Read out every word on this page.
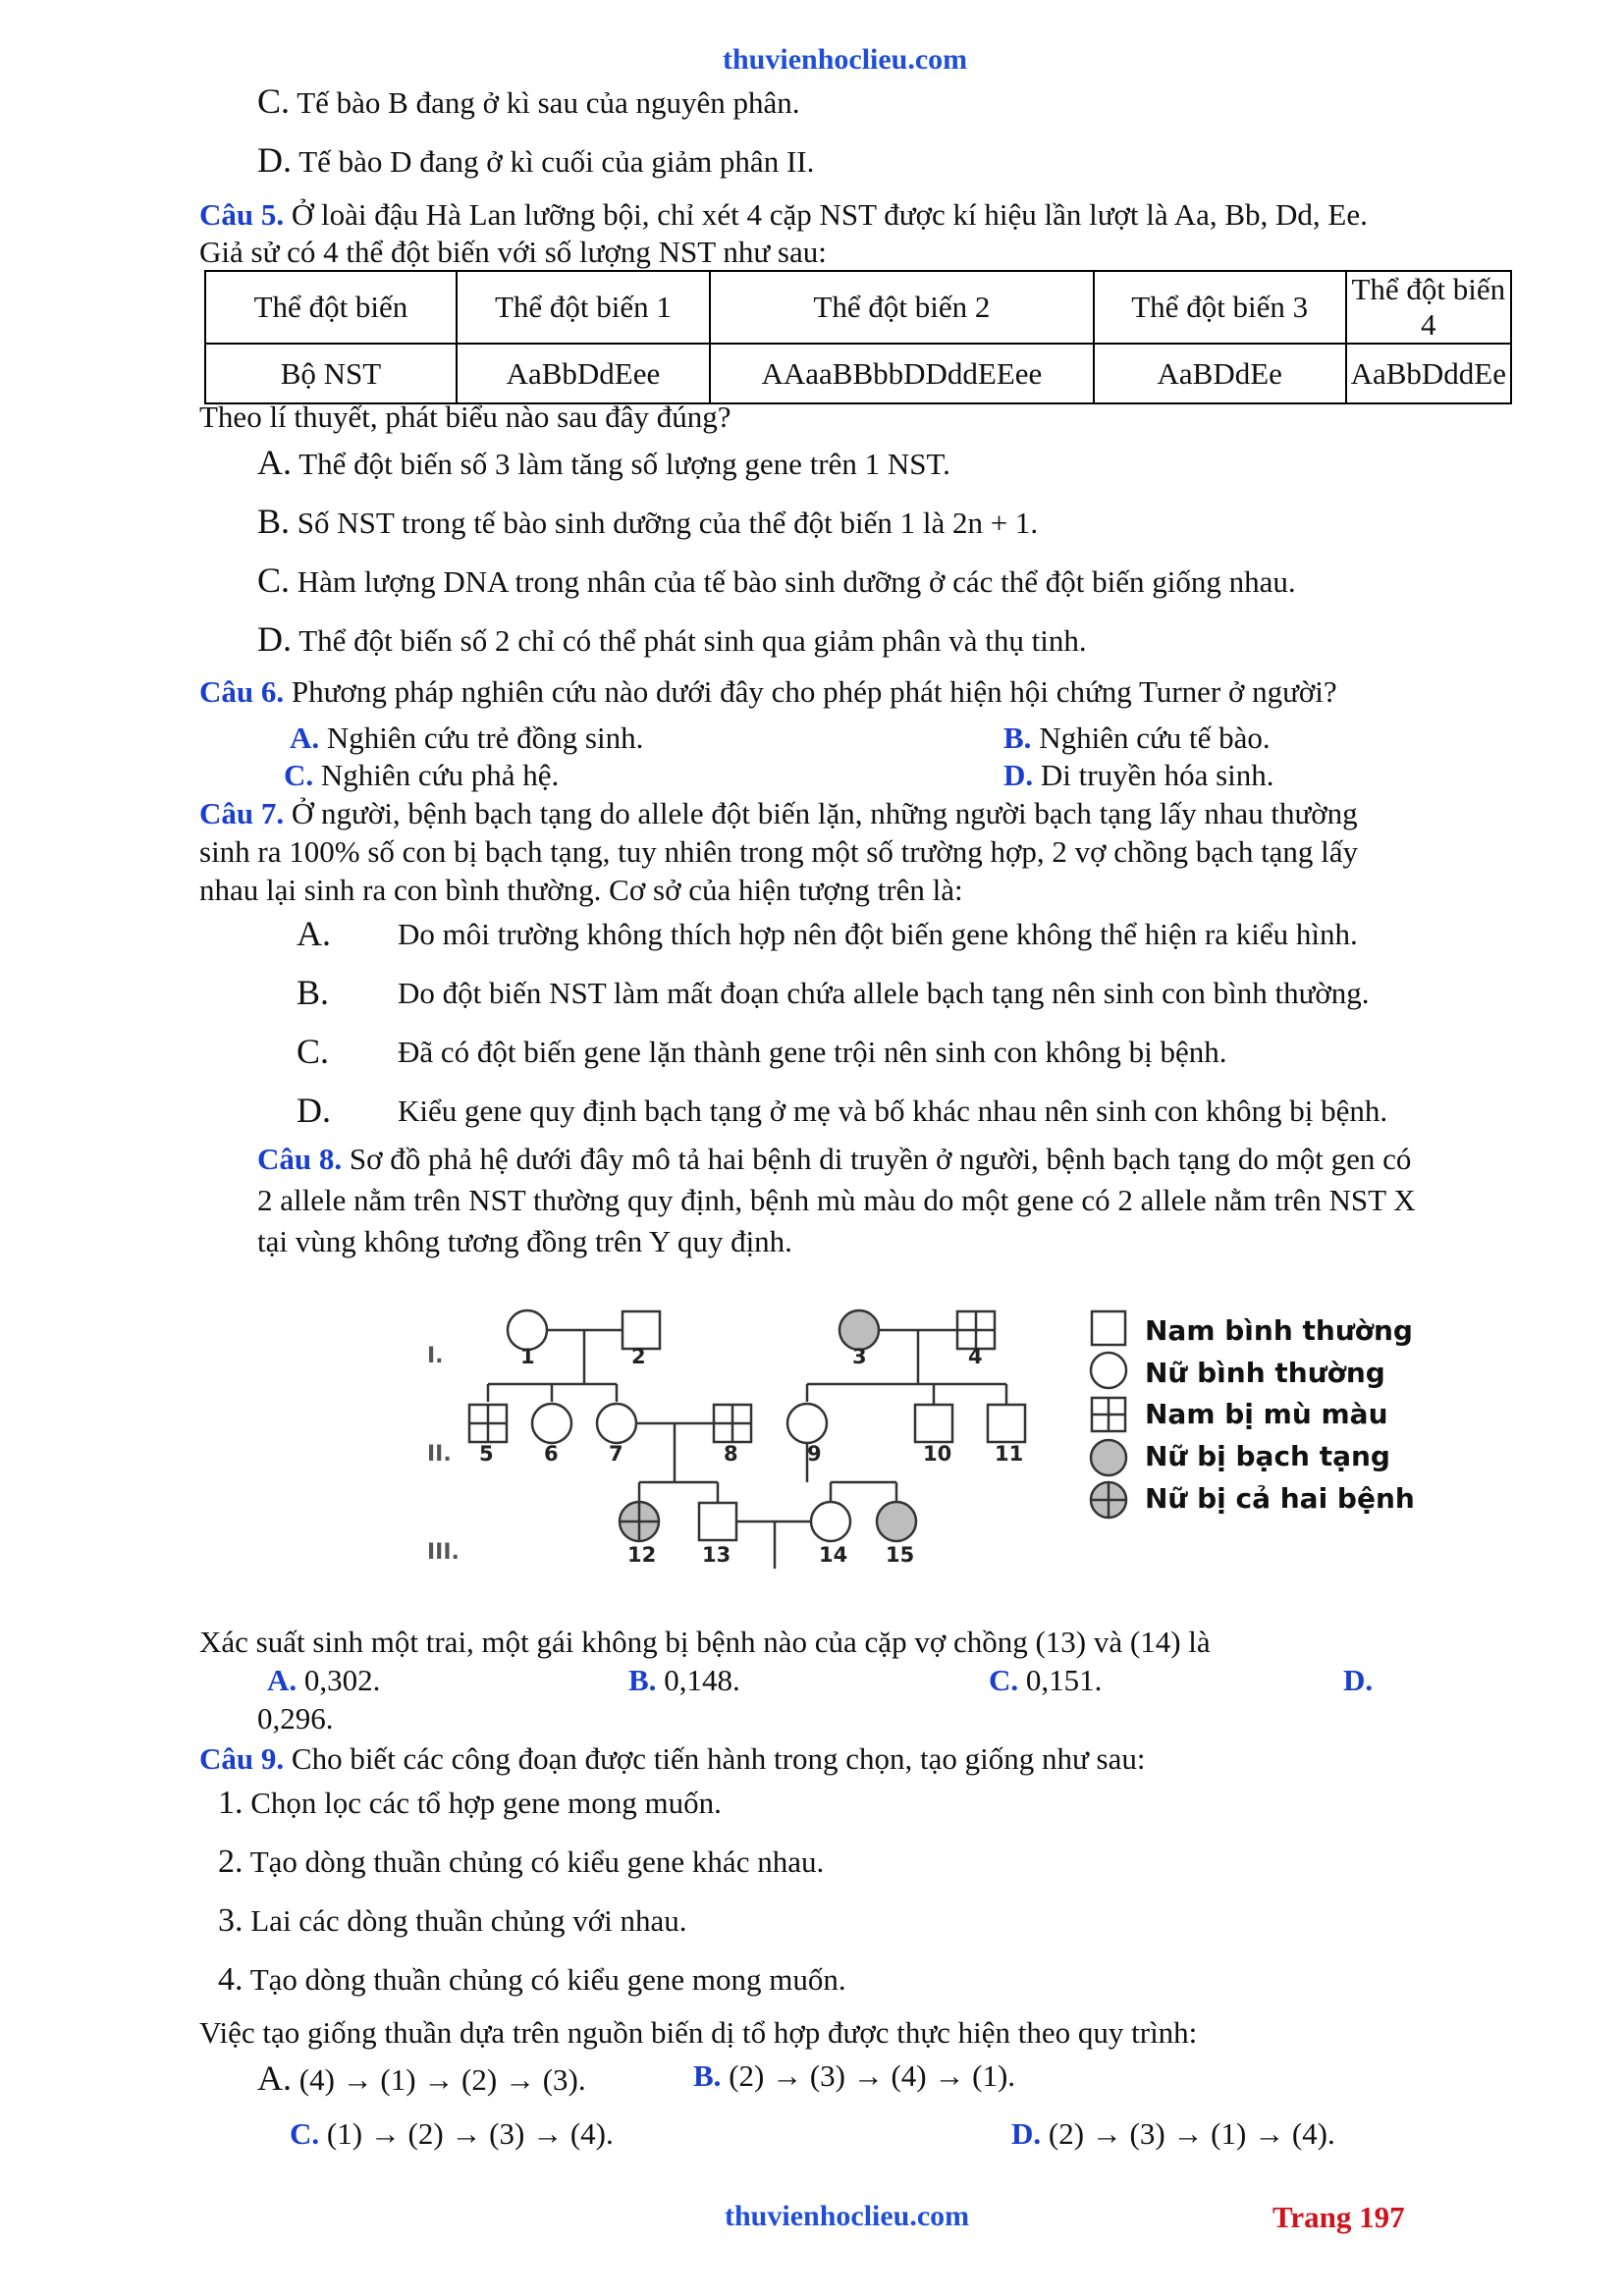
thuvienhoclieu.com
C. Tế bào B đang ở kì sau của nguyên phân.
D. Tế bào D đang ở kì cuối của giảm phân II.
Câu 5. Ở loài đậu Hà Lan lưỡng bội, chỉ xét 4 cặp NST được kí hiệu lần lượt là Aa, Bb, Dd, Ee.
Giả sử có 4 thể đột biến với số lượng NST như sau:
Thể đột biến	Thể đột biến 1	Thể đột biến 2	Thể đột biến 3	Thể đột biến 4
Bộ NST	AaBbDdEee	AAaaBBbbDDddEEee	AaBDdEe	AaBbDddEe
Theo lí thuyết, phát biểu nào sau đây đúng?
A. Thể đột biến số 3 làm tăng số lượng gene trên 1 NST.
B. Số NST trong tế bào sinh dưỡng của thể đột biến 1 là 2n + 1.
C. Hàm lượng DNA trong nhân của tế bào sinh dưỡng ở các thể đột biến giống nhau.
D. Thể đột biến số 2 chỉ có thể phát sinh qua giảm phân và thụ tinh.
Câu 6. Phương pháp nghiên cứu nào dưới đây cho phép phát hiện hội chứng Turner ở người?
A. Nghiên cứu trẻ đồng sinh.	B. Nghiên cứu tế bào.
C. Nghiên cứu phả hệ.	D. Di truyền hóa sinh.
Câu 7. Ở người, bệnh bạch tạng do allele đột biến lặn, những người bạch tạng lấy nhau thường
sinh ra 100% số con bị bạch tạng, tuy nhiên trong một số trường hợp, 2 vợ chồng bạch tạng lấy
nhau lại sinh ra con bình thường. Cơ sở của hiện tượng trên là:
A. Do môi trường không thích hợp nên đột biến gene không thể hiện ra kiểu hình.
B. Do đột biến NST làm mất đoạn chứa allele bạch tạng nên sinh con bình thường.
C. Đã có đột biến gene lặn thành gene trội nên sinh con không bị bệnh.
D. Kiểu gene quy định bạch tạng ở mẹ và bố khác nhau nên sinh con không bị bệnh.
Câu 8. Sơ đồ phả hệ dưới đây mô tả hai bệnh di truyền ở người, bệnh bạch tạng do một gen có
2 allele nằm trên NST thường quy định, bệnh mù màu do một gene có 2 allele nằm trên NST X
tại vùng không tương đồng trên Y quy định.
I.
II.
III.
1	2	3	4
5 6 7	8	9	10 11
12 13	14 15
Nam bình thường
Nữ bình thường
Nam bị mù màu
Nữ bị bạch tạng
Nữ bị cả hai bệnh
Xác suất sinh một trai, một gái không bị bệnh nào của cặp vợ chồng (13) và (14) là
A. 0,302.	B. 0,148.	C. 0,151.	D.
0,296.
Câu 9. Cho biết các công đoạn được tiến hành trong chọn, tạo giống như sau:
1. Chọn lọc các tổ hợp gene mong muốn.
2. Tạo dòng thuần chủng có kiểu gene khác nhau.
3. Lai các dòng thuần chủng với nhau.
4. Tạo dòng thuần chủng có kiểu gene mong muốn.
Việc tạo giống thuần dựa trên nguồn biến dị tổ hợp được thực hiện theo quy trình:
A. (4) → (1) → (2) → (3).	B. (2) → (3) → (4) → (1).
C. (1) → (2) → (3) → (4).	D. (2) → (3) → (1) → (4).
thuvienhoclieu.com	Trang 197
